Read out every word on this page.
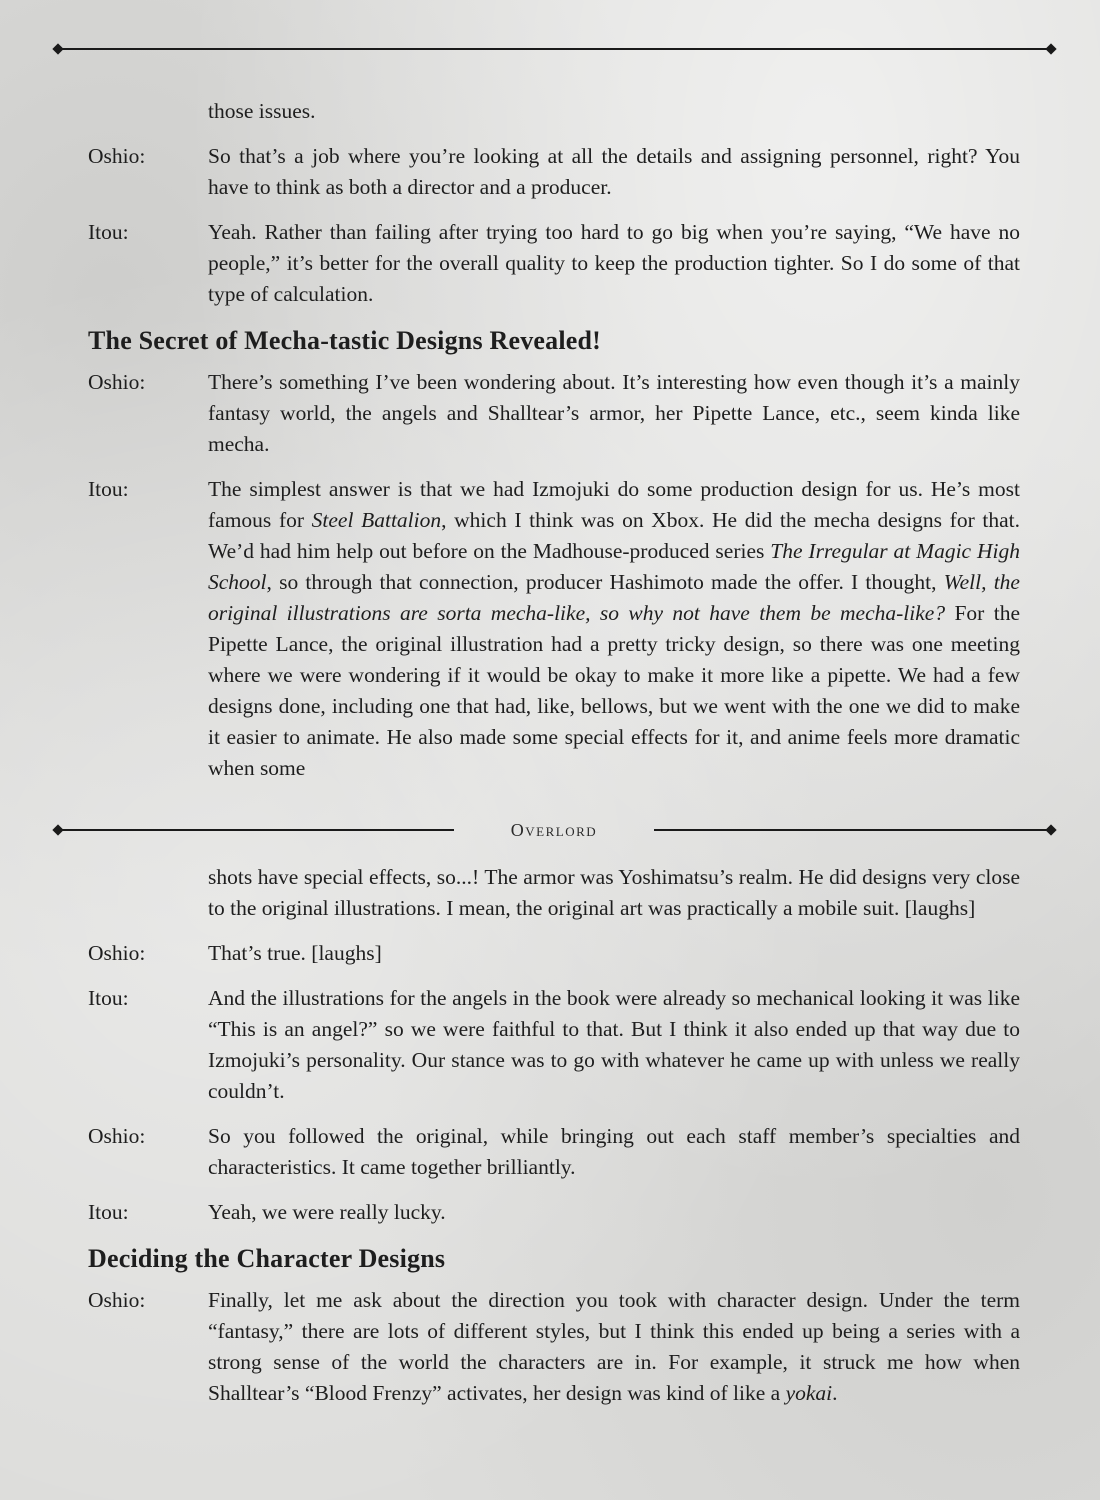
those issues.
Oshio:	So that’s a job where you’re looking at all the details and assigning personnel, right? You have to think as both a director and a producer.
Itou:	Yeah. Rather than failing after trying too hard to go big when you’re saying, “We have no people,” it’s better for the overall quality to keep the production tighter. So I do some of that type of calculation.
The Secret of Mecha-tastic Designs Revealed!
Oshio:	There’s something I’ve been wondering about. It’s interesting how even though it’s a mainly fantasy world, the angels and Shalltear’s armor, her Pipette Lance, etc., seem kinda like mecha.
Itou:	The simplest answer is that we had Izmojuki do some production design for us. He’s most famous for Steel Battalion, which I think was on Xbox. He did the mecha designs for that. We’d had him help out before on the Madhouse-produced series The Irregular at Magic High School, so through that connection, producer Hashimoto made the offer. I thought, Well, the original illustrations are sorta mecha-like, so why not have them be mecha-like? For the Pipette Lance, the original illustration had a pretty tricky design, so there was one meeting where we were wondering if it would be okay to make it more like a pipette. We had a few designs done, including one that had, like, bellows, but we went with the one we did to make it easier to animate. He also made some special effects for it, and anime feels more dramatic when some
Overlord
shots have special effects, so...! The armor was Yoshimatsu’s realm. He did designs very close to the original illustrations. I mean, the original art was practically a mobile suit. [laughs]
Oshio:	That’s true. [laughs]
Itou:	And the illustrations for the angels in the book were already so mechanical looking it was like “This is an angel?” so we were faithful to that. But I think it also ended up that way due to Izmojuki’s personality. Our stance was to go with whatever he came up with unless we really couldn’t.
Oshio:	So you followed the original, while bringing out each staff member’s specialties and characteristics. It came together brilliantly.
Itou:	Yeah, we were really lucky.
Deciding the Character Designs
Oshio:	Finally, let me ask about the direction you took with character design. Under the term “fantasy,” there are lots of different styles, but I think this ended up being a series with a strong sense of the world the characters are in. For example, it struck me how when Shalltear’s “Blood Frenzy” activates, her design was kind of like a yokai.
